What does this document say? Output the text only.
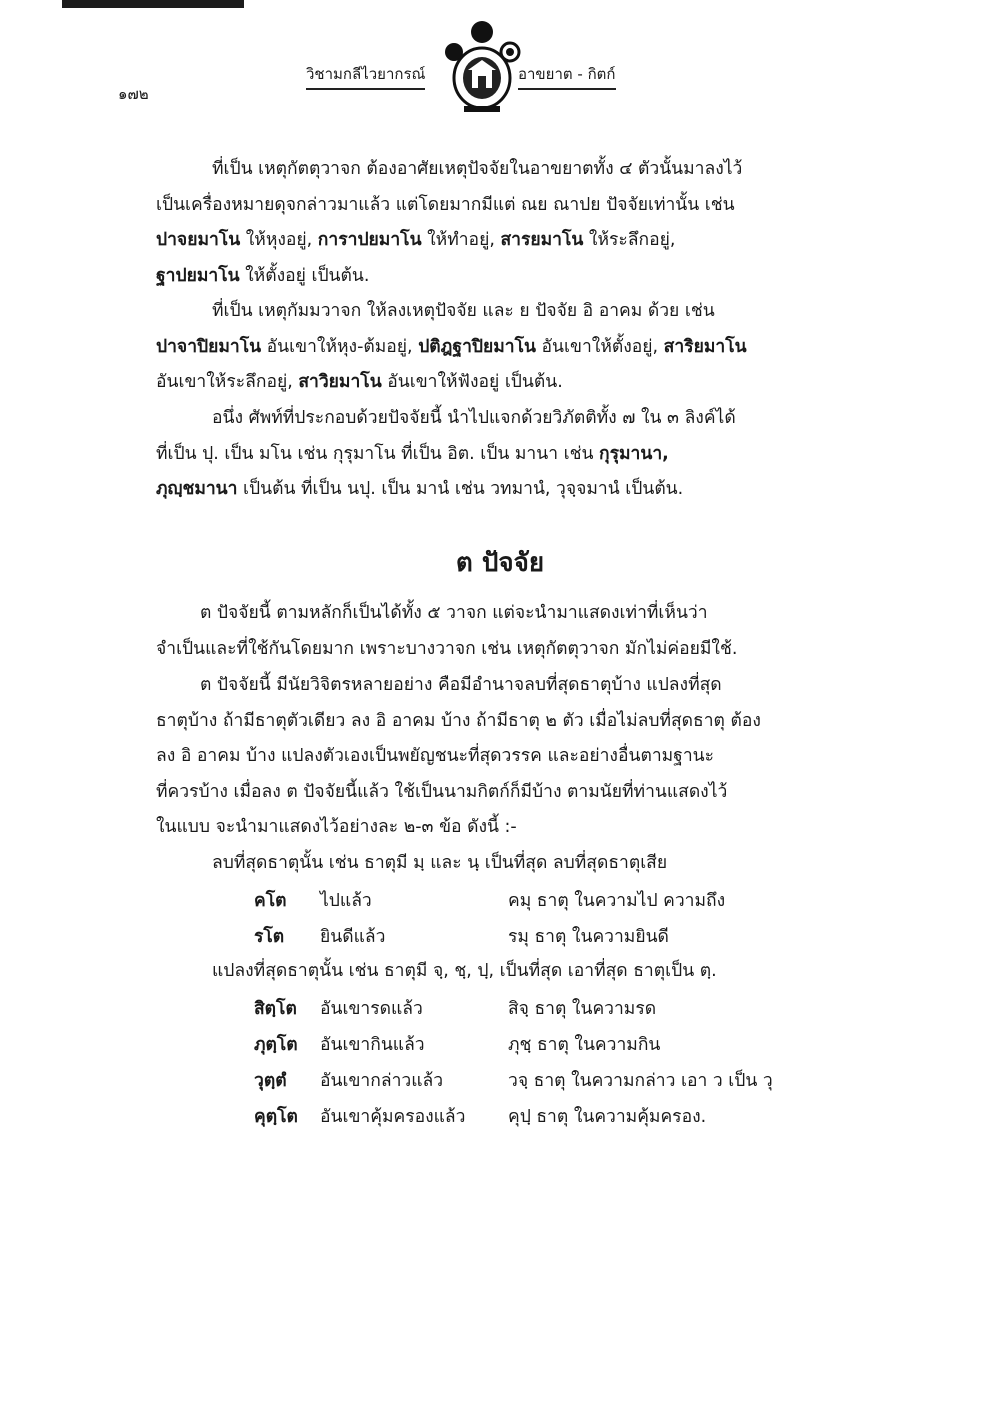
๑๗๒
วิชามกลีไวยากรณ์	อาขยาต - กิตก์

ที่เป็น เหตุกัตตุวาจก ต้องอาศัยเหตุปัจจัยในอาขยาตทั้ง ๔ ตัวนั้นมาลงไว้
เป็นเครื่องหมายดุจกล่าวมาแล้ว แต่โดยมากมีแต่ ณย ณาปย ปัจจัยเท่านั้น เช่น
ปาจยมาโน ให้หุงอยู่, การาปยมาโน ให้ทำอยู่, สารยมาโน ให้ระลึกอยู่,
ฐาปยมาโน ให้ตั้งอยู่ เป็นต้น.

ที่เป็น เหตุกัมมวาจก ให้ลงเหตุปัจจัย และ ย ปัจจัย อิ อาคม ด้วย เช่น
ปาจาปิยมาโน อันเขาให้หุง-ต้มอยู่, ปติฎฐาปิยมาโน อันเขาให้ตั้งอยู่, สาริยมาโน
อันเขาให้ระลึกอยู่, สาวิยมาโน อันเขาให้ฟังอยู่ เป็นต้น.

อนึ่ง ศัพท์ที่ประกอบด้วยปัจจัยนี้ นำไปแจกด้วยวิภัตติทั้ง ๗ ใน ๓ ลิงค์ได้
ที่เป็น ปุ. เป็น มโน เช่น กุรุมาโน ที่เป็น อิต. เป็น มานา เช่น กุรุมานา,
ภุญฺชมานา เป็นต้น ที่เป็น นปุ. เป็น มานํ เช่น วทมานํ, วุจฺจมานํ เป็นต้น.

ต ปัจจัย

ต ปัจจัยนี้ ตามหลักก็เป็นได้ทั้ง ๕ วาจก แต่จะนำมาแสดงเท่าที่เห็นว่า
จำเป็นและที่ใช้กันโดยมาก เพราะบางวาจก เช่น เหตุกัตตุวาจก มักไม่ค่อยมีใช้.

ต ปัจจัยนี้ มีนัยวิจิตรหลายอย่าง คือมีอำนาจลบที่สุดธาตุบ้าง แปลงที่สุด
ธาตุบ้าง ถ้ามีธาตุตัวเดียว ลง อิ อาคม บ้าง ถ้ามีธาตุ ๒ ตัว เมื่อไม่ลบที่สุดธาตุ ต้อง
ลง อิ อาคม บ้าง แปลงตัวเองเป็นพยัญชนะที่สุดวรรค และอย่างอื่นตามฐานะ
ที่ควรบ้าง เมื่อลง ต ปัจจัยนี้แล้ว ใช้เป็นนามกิตก์ก็มีบ้าง ตามนัยที่ท่านแสดงไว้
ในแบบ จะนำมาแสดงไว้อย่างละ ๒-๓ ข้อ ดังนี้ :-

ลบที่สุดธาตุนั้น เช่น ธาตุมี มฺ และ นฺ เป็นที่สุด ลบที่สุดธาตุเสีย
คโต ไปแล้ว	คมุ ธาตุ ในความไป ความถึง
รโต ยินดีแล้ว	รมุ ธาตุ ในความยินดี
แปลงที่สุดธาตุนั้น เช่น ธาตุมี จฺ, ชฺ, ปฺ, เป็นที่สุด เอาที่สุด ธาตุเป็น ตฺ.
สิตฺโต อันเขารดแล้ว	สิจฺ ธาตุ ในความรด
ภุตฺโต อันเขากินแล้ว	ภุชฺ ธาตุ ในความกิน
วุตฺตํ อันเขากล่าวแล้ว	วจฺ ธาตุ ในความกล่าว เอา ว เป็น วุ
คุตฺโต อันเขาคุ้มครองแล้ว คุปฺ ธาตุ ในความคุ้มครอง.
